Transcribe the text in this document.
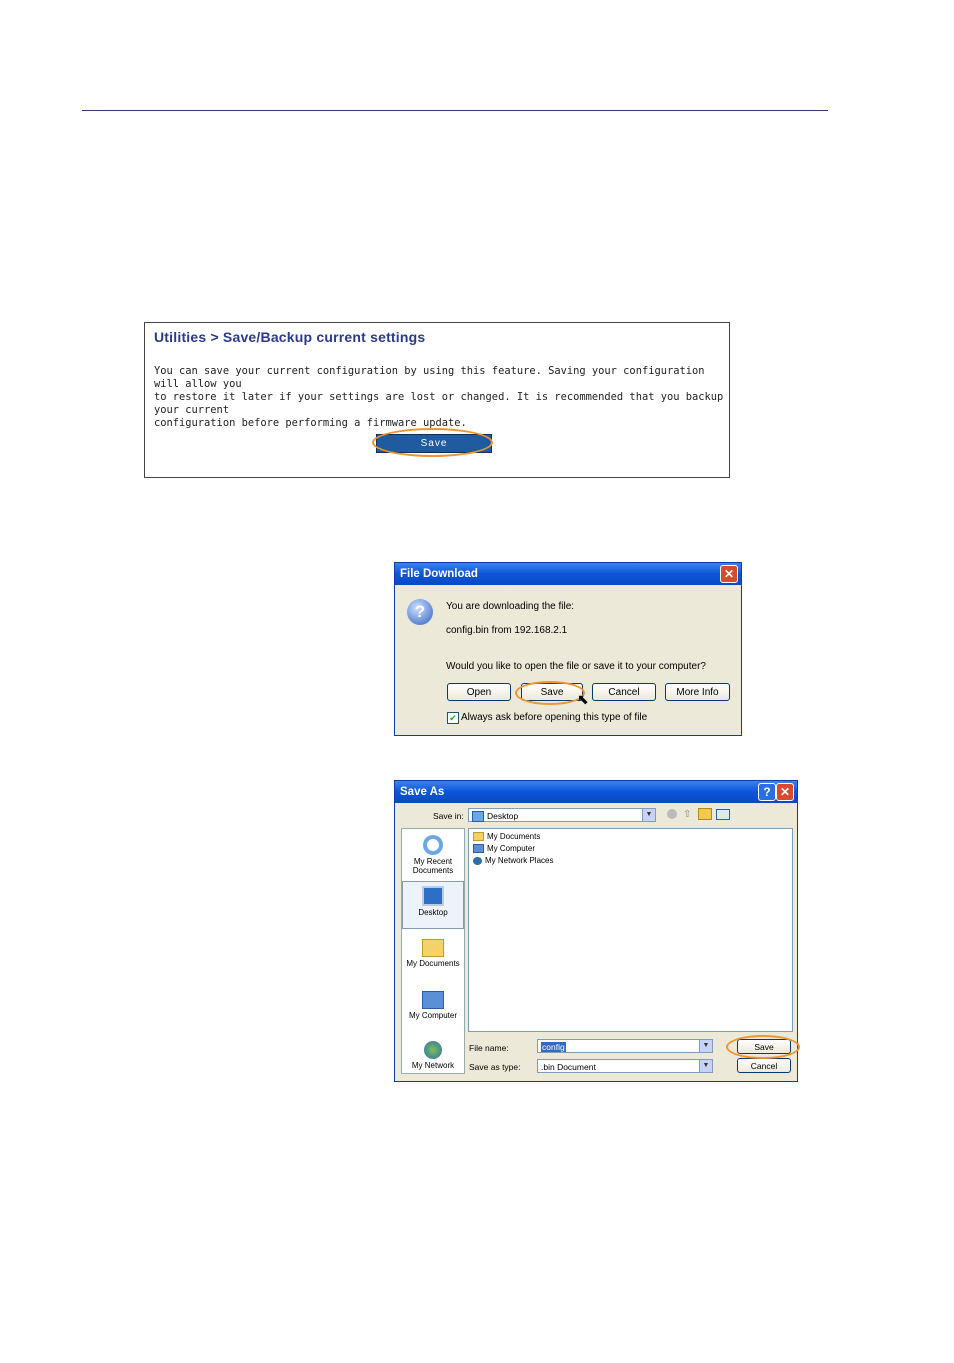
Utilities > Save/Backup current settings
You can save your current configuration by using this feature. Saving your configuration will allow you
to restore it later if your settings are lost or changed. It is recommended that you backup your current
configuration before performing a firmware update.
Save
File Download	✕
?	You are downloading the file:
config.bin from 192.168.2.1
Would you like to open the file or save it to your computer?
Open	Save	Cancel	More Info
⬉
✔ Always ask before opening this type of file
Save As	? ✕
Save in:	Desktop	▼	⇧
My Recent Documents
Desktop
My Documents
My Computer
My Network
My Documents
My Computer
My Network Places
File name:	config	▼
Save as type:	.bin Document	▼
Save
Cancel
